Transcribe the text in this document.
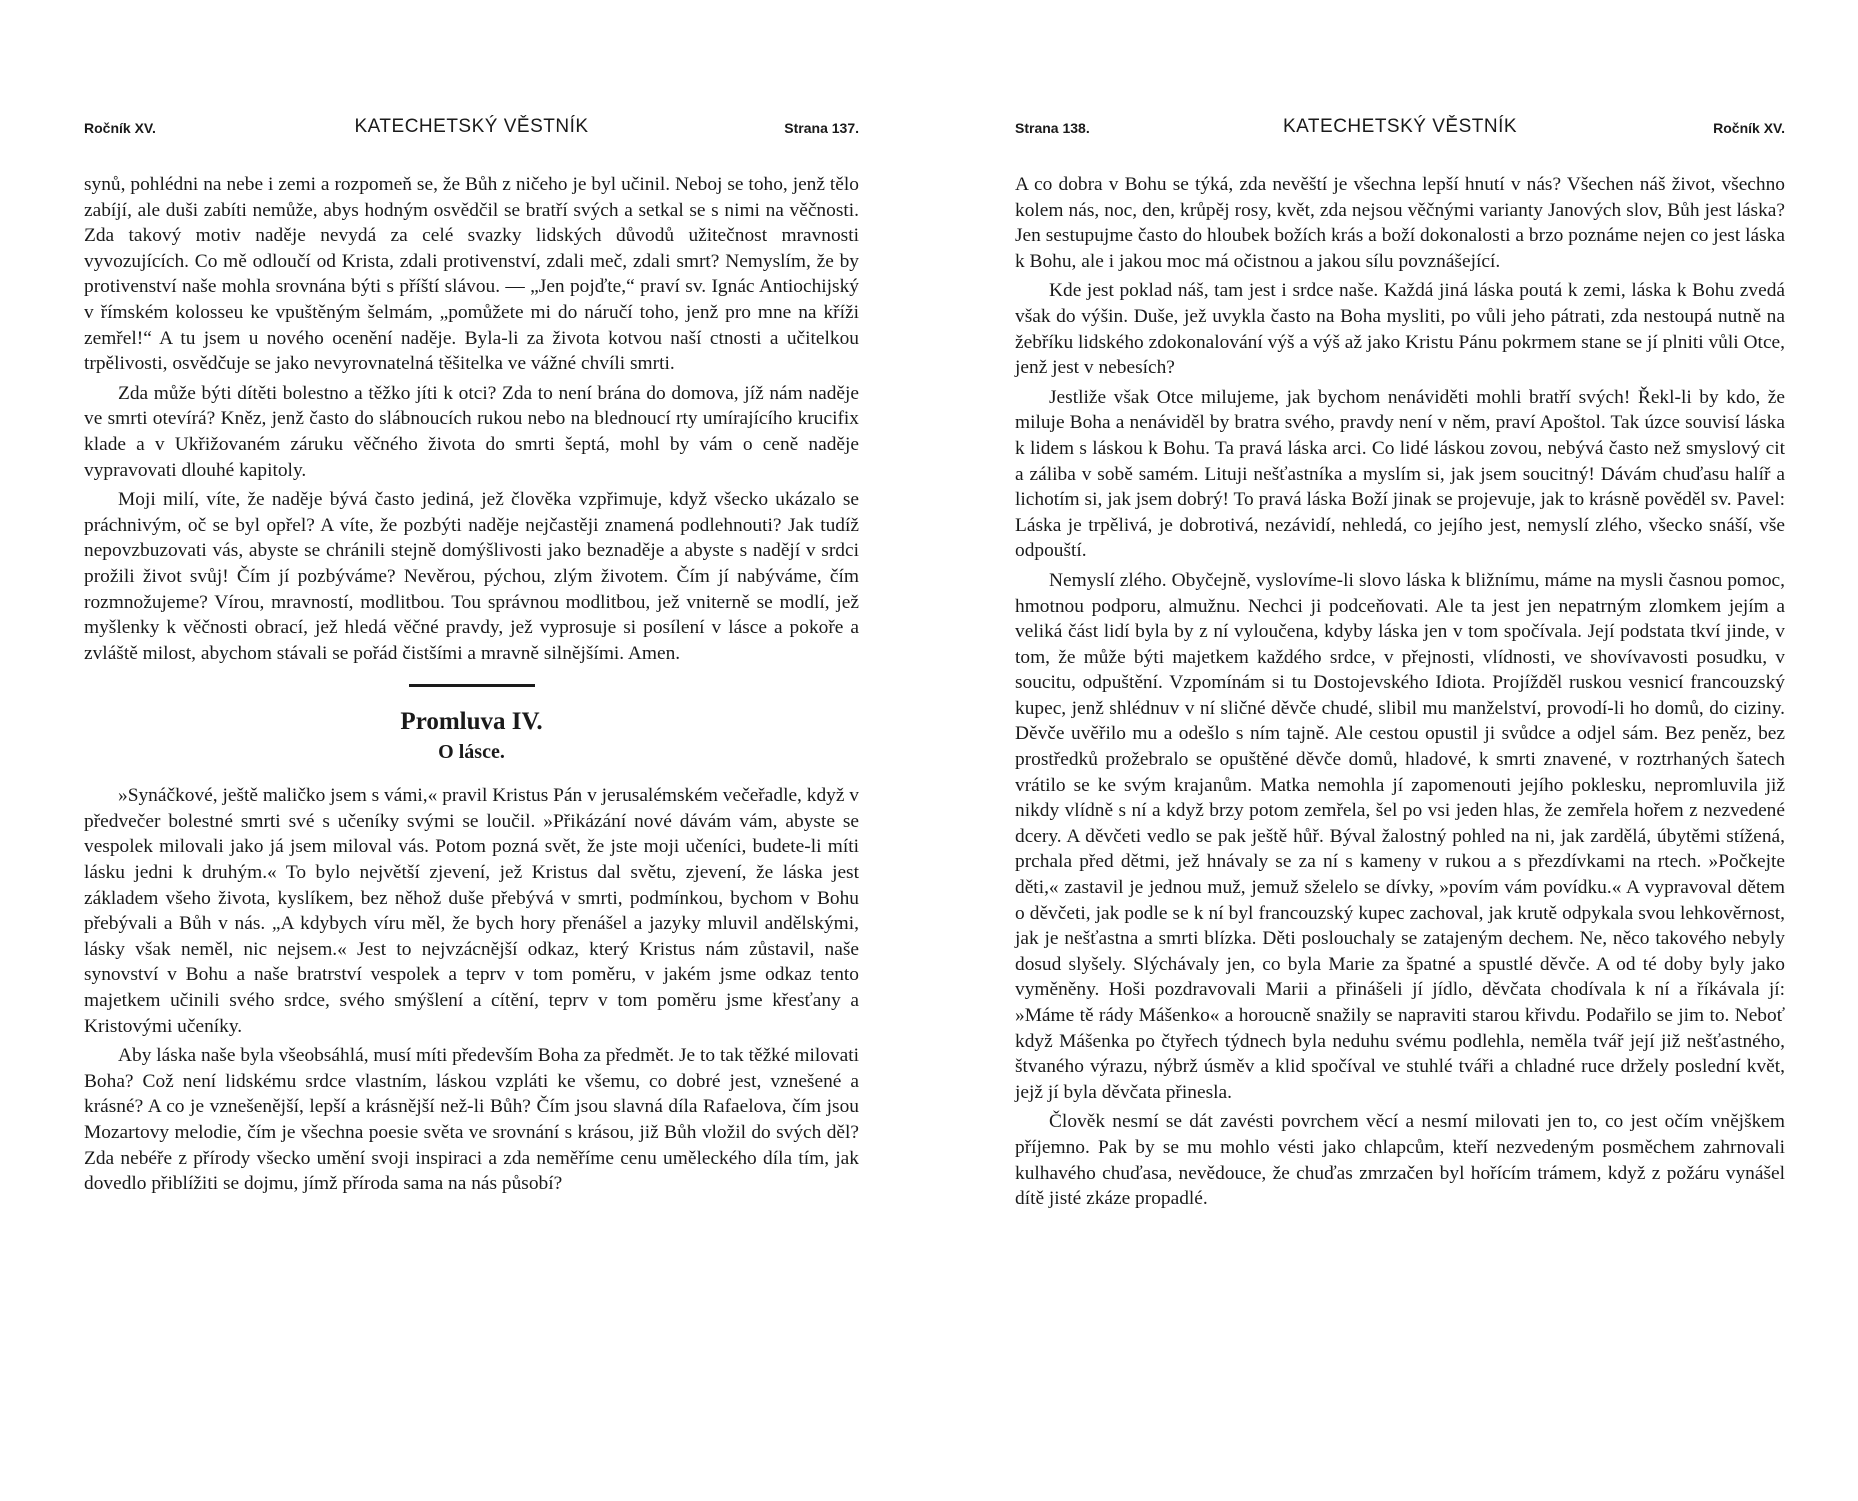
Ročník XV.	KATECHETSKÝ VĚSTNÍK	Strana 137.

synů, pohlédni na nebe i zemi a rozpomeň se, že Bůh z ničeho je byl učinil. Neboj se toho, jenž tělo zabíjí, ale duši zabíti nemůže, abys hodným osvědčil se bratří svých a setkal se s nimi na věčnosti. Zda takový motiv naděje nevydá za celé svazky lidských důvodů užitečnost mravnosti vyvozujících. Co mě odloučí od Krista, zdali protivenství, zdali meč, zdali smrt? Nemyslím, že by protivenství naše mohla srovnána býti s příští slávou. — „Jen pojďte,“ praví sv. Ignác Antiochijský v římském kolosseu ke vpuštěným šelmám, „pomůžete mi do náručí toho, jenž pro mne na kříži zemřel!“ A tu jsem u nového ocenění naděje. Byla-li za života kotvou naší ctnosti a učitelkou trpělivosti, osvědčuje se jako nevyrovnatelná těšitelka ve vážné chvíli smrti.

Zda může býti dítěti bolestno a těžko jíti k otci? Zda to není brána do domova, jíž nám naděje ve smrti otevírá? Kněz, jenž často do slábnoucích rukou nebo na blednoucí rty umírajícího krucifix klade a v Ukřižovaném záruku věčného života do smrti šeptá, mohl by vám o ceně naděje vypravovati dlouhé kapitoly.

Moji milí, víte, že naděje bývá často jediná, jež člověka vzpřimuje, když všecko ukázalo se práchnivým, oč se byl opřel? A víte, že pozbýti naděje nejčastěji znamená podlehnouti? Jak tudíž nepovzbuzovati vás, abyste se chránili stejně domýšlivosti jako beznaděje a abyste s nadějí v srdci prožili život svůj! Čím jí pozbýváme? Nevěrou, pýchou, zlým životem. Čím jí nabýváme, čím rozmnožujeme? Vírou, mravností, modlitbou. Tou správnou modlitbou, jež vniterně se modlí, jež myšlenky k věčnosti obrací, jež hledá věčné pravdy, jež vyprosuje si posílení v lásce a pokoře a zvláště milost, abychom stávali se pořád čistšími a mravně silnějšími. Amen.

Promluva IV.
O lásce.

»Synáčkové, ještě maličko jsem s vámi,« pravil Kristus Pán v jerusalémském večeřadle, když v předvečer bolestné smrti své s učeníky svými se loučil. »Přikázání nové dávám vám, abyste se vespolek milovali jako já jsem miloval vás. Potom pozná svět, že jste moji učeníci, budete-li míti lásku jedni k druhým.« To bylo největší zjevení, jež Kristus dal světu, zjevení, že láska jest základem všeho života, kyslíkem, bez něhož duše přebývá v smrti, podmínkou, bychom v Bohu přebývali a Bůh v nás. „A kdybych víru měl, že bych hory přenášel a jazyky mluvil andělskými, lásky však neměl, nic nejsem.« Jest to nejvzácnější odkaz, který Kristus nám zůstavil, naše synovství v Bohu a naše bratrství vespolek a teprv v tom poměru, v jakém jsme odkaz tento majetkem učinili svého srdce, svého smýšlení a cítění, teprv v tom poměru jsme křesťany a Kristovými učeníky.

Aby láska naše byla všeobsáhlá, musí míti především Boha za předmět. Je to tak těžké milovati Boha? Což není lidskému srdce vlastním, láskou vzpláti ke všemu, co dobré jest, vznešené a krásné? A co je vznešenější, lepší a krásnější než-li Bůh? Čím jsou slavná díla Rafaelova, čím jsou Mozartovy melodie, čím je všechna poesie světa ve srovnání s krásou, již Bůh vložil do svých děl? Zda nebéře z přírody všecko umění svoji inspiraci a zda neměříme cenu uměleckého díla tím, jak dovedlo přiblížiti se dojmu, jímž příroda sama na nás působí?

Strana 138.	KATECHETSKÝ VĚSTNÍK	Ročník XV.

A co dobra v Bohu se týká, zda nevěští je všechna lepší hnutí v nás? Všechen náš život, všechno kolem nás, noc, den, krůpěj rosy, květ, zda nejsou věčnými varianty Janových slov, Bůh jest láska? Jen sestupujme často do hloubek božích krás a boží dokonalosti a brzo poznáme nejen co jest láska k Bohu, ale i jakou moc má očistnou a jakou sílu povznášející.

Kde jest poklad náš, tam jest i srdce naše. Každá jiná láska poutá k zemi, láska k Bohu zvedá však do výšin. Duše, jež uvykla často na Boha mysliti, po vůli jeho pátrati, zda nestoupá nutně na žebříku lidského zdokonalování výš a výš až jako Kristu Pánu pokrmem stane se jí plniti vůli Otce, jenž jest v nebesích?

Jestliže však Otce milujeme, jak bychom nenáviděti mohli bratří svých! Řekl-li by kdo, že miluje Boha a nenáviděl by bratra svého, pravdy není v něm, praví Apoštol. Tak úzce souvisí láska k lidem s láskou k Bohu. Ta pravá láska arci. Co lidé láskou zovou, nebývá často než smyslový cit a záliba v sobě samém. Lituji nešťastníka a myslím si, jak jsem soucitný! Dávám chuďasu halíř a lichotím si, jak jsem dobrý! To pravá láska Boží jinak se projevuje, jak to krásně pověděl sv. Pavel: Láska je trpělivá, je dobrotivá, nezávidí, nehledá, co jejího jest, nemyslí zlého, všecko snáší, vše odpouští.

Nemyslí zlého. Obyčejně, vyslovíme-li slovo láska k bližnímu, máme na mysli časnou pomoc, hmotnou podporu, almužnu. Nechci ji podceňovati. Ale ta jest jen nepatrným zlomkem jejím a veliká část lidí byla by z ní vyloučena, kdyby láska jen v tom spočívala. Její podstata tkví jinde, v tom, že může býti majetkem každého srdce, v přejnosti, vlídnosti, ve shovívavosti posudku, v soucitu, odpuštění. Vzpomínám si tu Dostojevského Idiota. Projížděl ruskou vesnicí francouzský kupec, jenž shlédnuv v ní sličné děvče chudé, slibil mu manželství, provodí-li ho domů, do ciziny. Děvče uvěřilo mu a odešlo s ním tajně. Ale cestou opustil ji svůdce a odjel sám. Bez peněz, bez prostředků prožebralo se opuštěné děvče domů, hladové, k smrti znavené, v roztrhaných šatech vrátilo se ke svým krajanům. Matka nemohla jí zapomenouti jejího poklesku, nepromluvila již nikdy vlídně s ní a když brzy potom zemřela, šel po vsi jeden hlas, že zemřela hořem z nezvedené dcery. A děvčeti vedlo se pak ještě hůř. Býval žalostný pohled na ni, jak zardělá, úbytěmi stížená, prchala před dětmi, jež hnávaly se za ní s kameny v rukou a s přezdívkami na rtech. »Počkejte děti,« zastavil je jednou muž, jemuž sželelo se dívky, »povím vám povídku.« A vypravoval dětem o děvčeti, jak podle se k ní byl francouzský kupec zachoval, jak krutě odpykala svou lehkověrnost, jak je nešťastna a smrti blízka. Děti poslouchaly se zatajeným dechem. Ne, něco takového nebyly dosud slyšely. Slýchávaly jen, co byla Marie za špatné a spustlé děvče. A od té doby byly jako vyměněny. Hoši pozdravovali Marii a přinášeli jí jídlo, děvčata chodívala k ní a říkávala jí: »Máme tě rády Mášenko« a horoucně snažily se napraviti starou křivdu. Podařilo se jim to. Neboť když Mášenka po čtyřech týdnech byla neduhu svému podlehla, neměla tvář její již nešťastného, štvaného výrazu, nýbrž úsměv a klid spočíval ve stuhlé tváři a chladné ruce držely poslední květ, jejž jí byla děvčata přinesla.

Člověk nesmí se dát zavésti povrchem věcí a nesmí milovati jen to, co jest očím vnějškem příjemno. Pak by se mu mohlo vésti jako chlapcům, kteří nezvedeným posměchem zahrnovali kulhavého chuďasa, nevědouce, že chuďas zmrzačen byl hořícím trámem, když z požáru vynášel dítě jisté zkáze propadlé.
